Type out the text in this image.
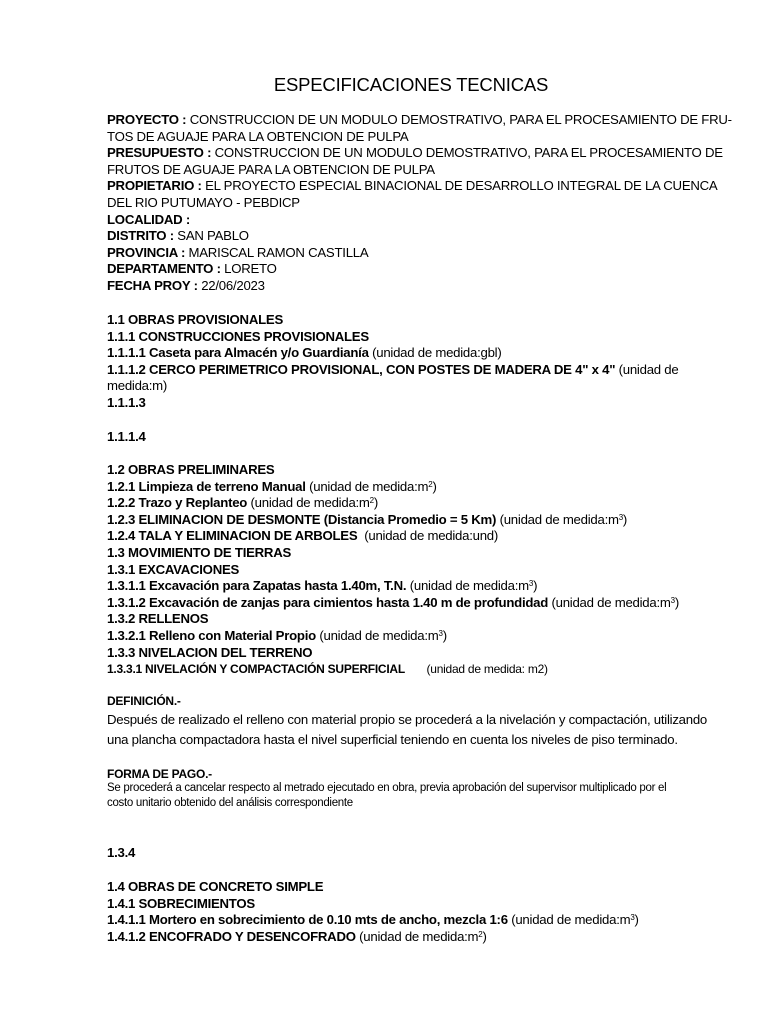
ESPECIFICACIONES TECNICAS
PROYECTO : CONSTRUCCION DE UN MODULO DEMOSTRATIVO, PARA EL PROCESAMIENTO DE FRU-
TOS DE AGUAJE PARA LA OBTENCION DE PULPA
PRESUPUESTO : CONSTRUCCION DE UN MODULO DEMOSTRATIVO, PARA EL PROCESAMIENTO DE
FRUTOS DE AGUAJE PARA LA OBTENCION DE PULPA
PROPIETARIO : EL PROYECTO ESPECIAL BINACIONAL DE DESARROLLO INTEGRAL DE LA CUENCA
DEL RIO PUTUMAYO - PEBDICP
LOCALIDAD :
DISTRITO : SAN PABLO
PROVINCIA : MARISCAL RAMON CASTILLA
DEPARTAMENTO : LORETO
FECHA PROY : 22/06/2023
1.1 OBRAS PROVISIONALES
1.1.1 CONSTRUCCIONES PROVISIONALES
1.1.1.1 Caseta para Almacén y/o Guardianía (unidad de medida:gbl)
1.1.1.2 CERCO PERIMETRICO PROVISIONAL, CON POSTES DE MADERA DE 4" x 4" (unidad de
medida:m)
1.1.1.3
1.1.1.4
1.2 OBRAS PRELIMINARES
1.2.1 Limpieza de terreno Manual (unidad de $medida:m^2$)
1.2.2 Trazo y Replanteo (unidad de $medida:m^2$)
1.2.3 ELIMINACION DE DESMONTE (Distancia Promedio = 5 Km) (unidad de $medida:m^3$)
1.2.4 TALA Y ELIMINACION DE ARBOLES (unidad de medida:und)
1.3 MOVIMIENTO DE TIERRAS
1.3.1 EXCAVACIONES
1.3.1.1 Excavación para Zapatas hasta 1.40m, T.N. (unidad de $medida:m^3$)
1.3.1.2 Excavación de zanjas para cimientos hasta 1.40 m de profundidad (unidad de $medida:m^3$)
1.3.2 RELLENOS
1.3.2.1 Relleno con Material Propio (unidad de $medida:m^3$)
1.3.3 NIVELACION DEL TERRENO
1.3.3.1 NIVELACIÓN Y COMPACTACIÓN SUPERFICIAL (unidad de medida: m2)
DEFINICIÓN.-
Después de realizado el relleno con material propio se procederá a la nivelación y compactación, utilizando
una plancha compactadora hasta el nivel superficial teniendo en cuenta los niveles de piso terminado.
FORMA DE PAGO.-
Se procederá a cancelar respecto al metrado ejecutado en obra, previa aprobación del supervisor multiplicado por el
costo unitario obtenido del análisis correspondiente
1.3.4
1.4 OBRAS DE CONCRETO SIMPLE
1.4.1 SOBRECIMIENTOS
1.4.1.1 Mortero en sobrecimiento de 0.10 mts de ancho, mezcla 1:6 (unidad de $medida:m^3$)
1.4.1.2 ENCOFRADO Y DESENCOFRADO (unidad de $medida:m^2$)
